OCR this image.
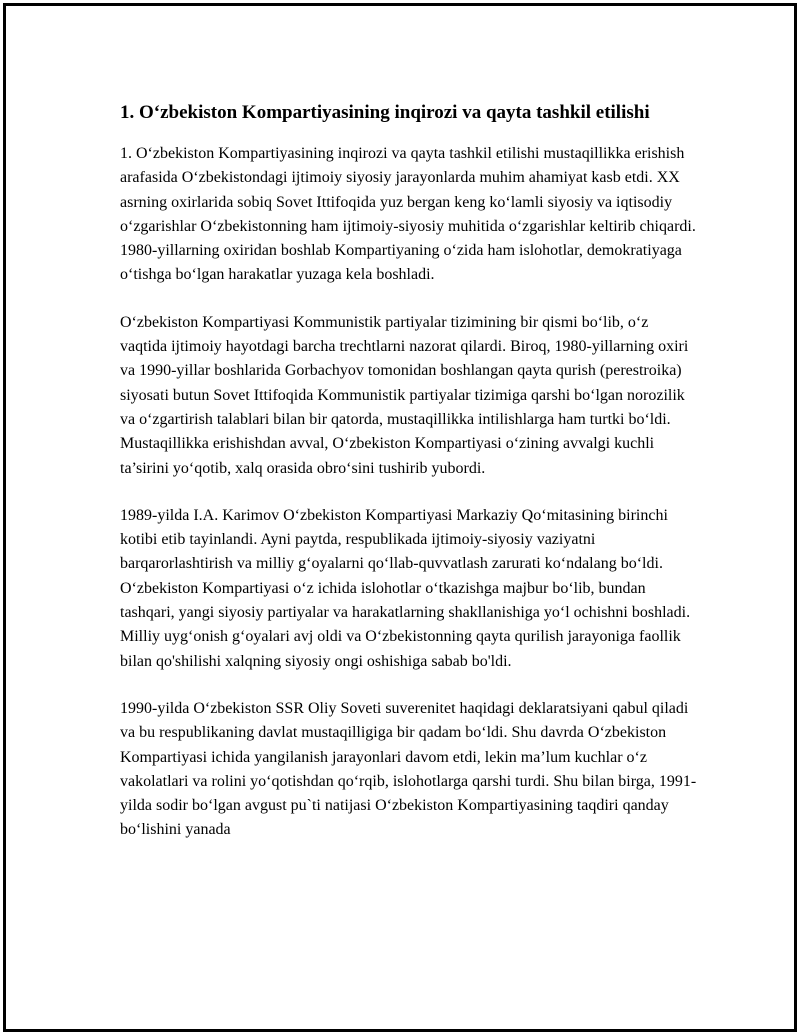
1. O‘zbekiston Kompartiyasining inqirozi va qayta tashkil etilishi

1. O‘zbekiston Kompartiyasining inqirozi va qayta tashkil etilishi mustaqillikka erishish arafasida O‘zbekistondagi ijtimoiy siyosiy jarayonlarda muhim ahamiyat kasb etdi. XX asrning oxirlarida sobiq Sovet Ittifoqida yuz bergan keng ko‘lamli siyosiy va iqtisodiy o‘zgarishlar O‘zbekistonning ham ijtimoiy-siyosiy muhitida o‘zgarishlar keltirib chiqardi. 1980-yillarning oxiridan boshlab Kompartiyaning o‘zida ham islohotlar, demokratiyaga o‘tishga bo‘lgan harakatlar yuzaga kela boshladi.

O‘zbekiston Kompartiyasi Kommunistik partiyalar tizimining bir qismi bo‘lib, o‘z vaqtida ijtimoiy hayotdagi barcha trechtlarni nazorat qilardi. Biroq, 1980-yillarning oxiri va 1990-yillar boshlarida Gorbachyov tomonidan boshlangan qayta qurish (perestroika) siyosati butun Sovet Ittifoqida Kommunistik partiyalar tizimiga qarshi bo‘lgan norozilik va o‘zgartirish talablari bilan bir qatorda, mustaqillikka intilishlarga ham turtki bo‘ldi. Mustaqillikka erishishdan avval, O‘zbekiston Kompartiyasi o‘zining avvalgi kuchli ta’sirini yo‘qotib, xalq orasida obro‘sini tushirib yubordi.

1989-yilda I.A. Karimov O‘zbekiston Kompartiyasi Markaziy Qo‘mitasining birinchi kotibi etib tayinlandi. Ayni paytda, respublikada ijtimoiy-siyosiy vaziyatni barqarorlashtirish va milliy g‘oyalarni qo‘llab-quvvatlash zarurati ko‘ndalang bo‘ldi. O‘zbekiston Kompartiyasi o‘z ichida islohotlar o‘tkazishga majbur bo‘lib, bundan tashqari, yangi siyosiy partiyalar va harakatlarning shakllanishiga yo‘l ochishni boshladi. Milliy uyg‘onish g‘oyalari avj oldi va O‘zbekistonning qayta qurilish jarayoniga faollik bilan qo'shilishi xalqning siyosiy ongi oshishiga sabab bo'ldi.

1990-yilda O‘zbekiston SSR Oliy Soveti suverenitet haqidagi deklaratsiyani qabul qiladi va bu respublikaning davlat mustaqilligiga bir qadam bo‘ldi. Shu davrda O‘zbekiston Kompartiyasi ichida yangilanish jarayonlari davom etdi, lekin ma’lum kuchlar o‘z vakolatlari va rolini yo‘qotishdan qo‘rqib, islohotlarga qarshi turdi. Shu bilan birga, 1991-yilda sodir bo‘lgan avgust pu`ti natijasi O‘zbekiston Kompartiyasining taqdiri qanday bo‘lishini yanada
